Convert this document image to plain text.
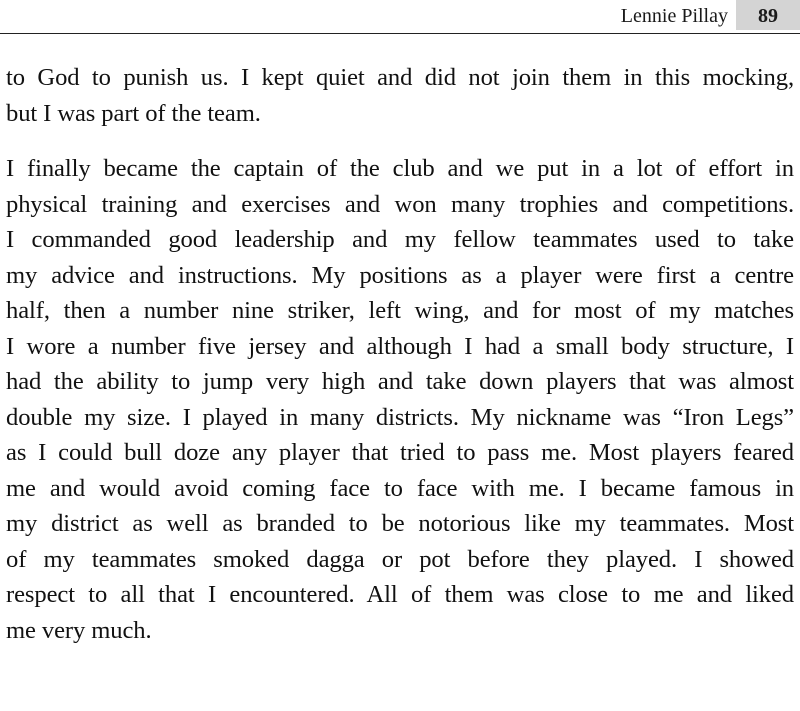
Lennie Pillay	89

to God to punish us. I kept quiet and did not join them in this mocking,
but I was part of the team.

I finally became the captain of the club and we put in a lot of effort in
physical training and exercises and won many trophies and competitions.
I commanded good leadership and my fellow teammates used to take
my advice and instructions. My positions as a player were first a centre
half, then a number nine striker, left wing, and for most of my matches
I wore a number five jersey and although I had a small body structure, I
had the ability to jump very high and take down players that was almost
double my size. I played in many districts. My nickname was “Iron Legs”
as I could bull doze any player that tried to pass me. Most players feared
me and would avoid coming face to face with me. I became famous in
my district as well as branded to be notorious like my teammates. Most
of my teammates smoked dagga or pot before they played. I showed
respect to all that I encountered. All of them was close to me and liked
me very much.
